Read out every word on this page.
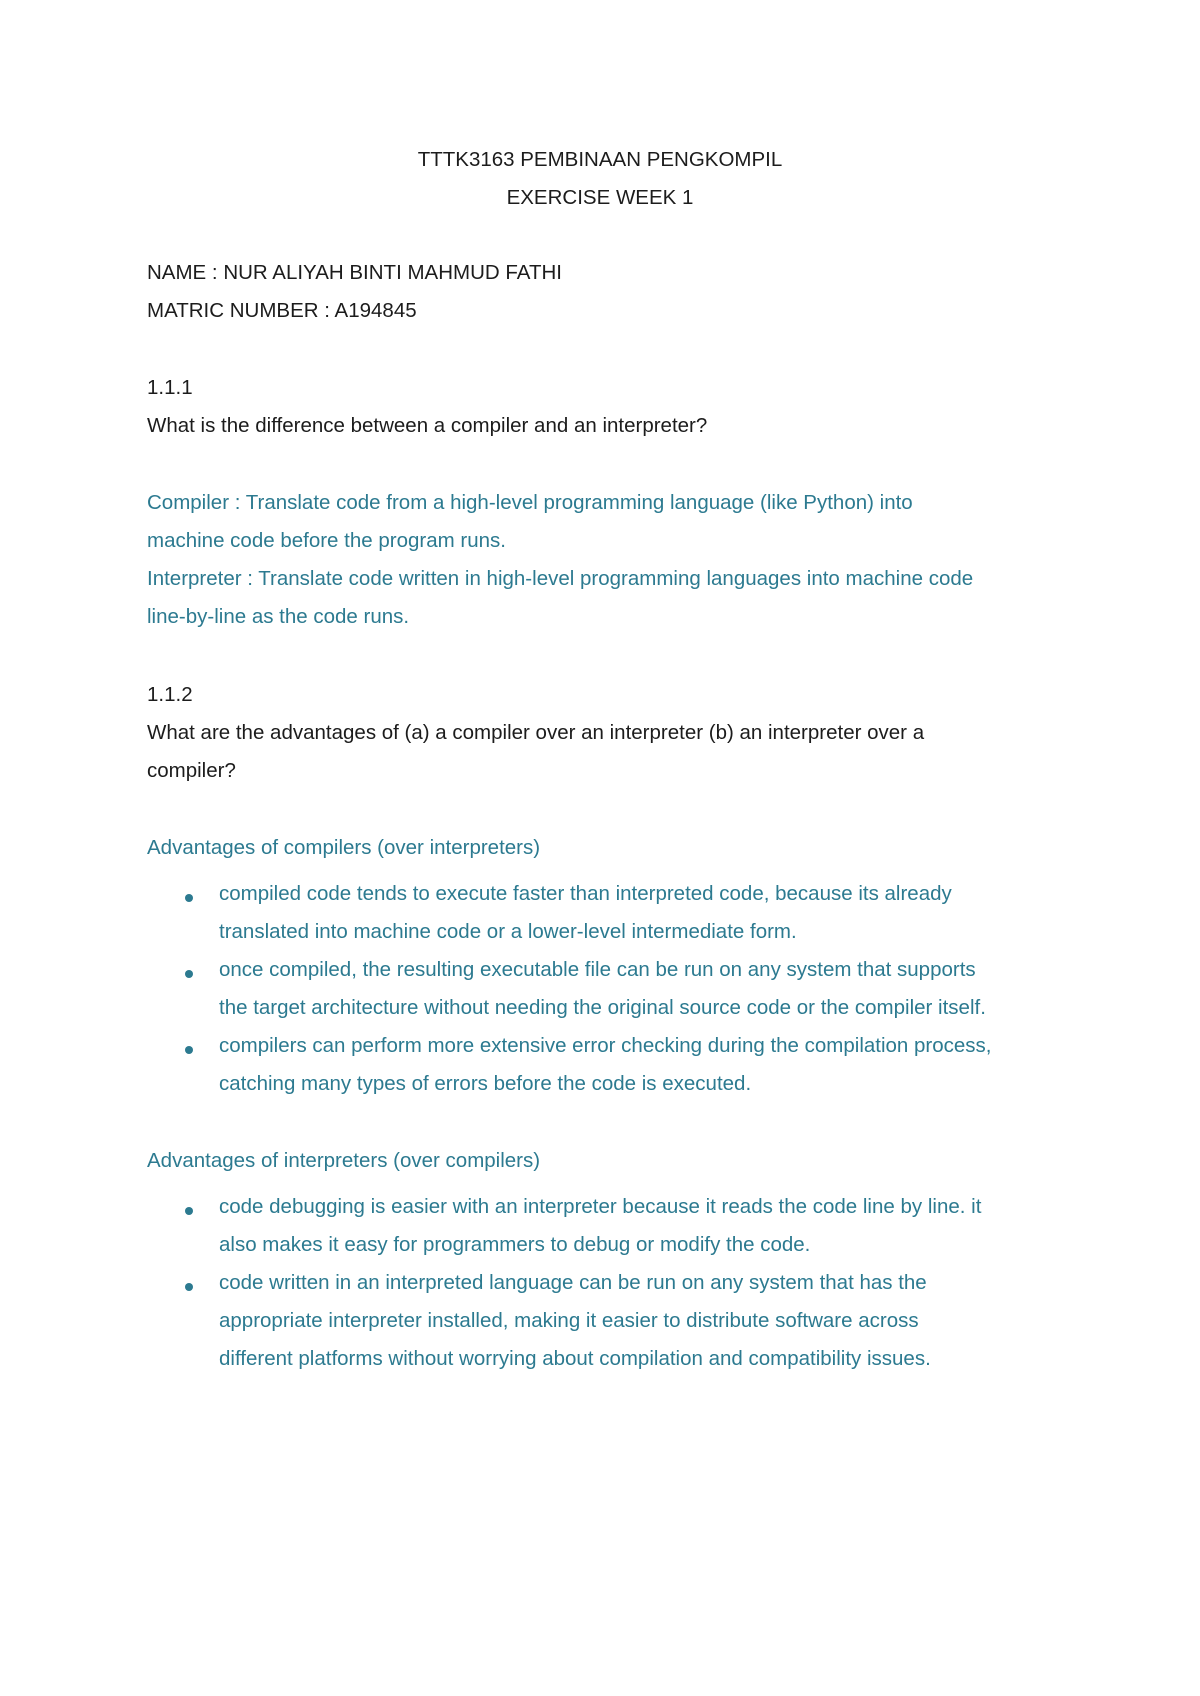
TTTK3163 PEMBINAAN PENGKOMPIL

EXERCISE WEEK 1

NAME : NUR ALIYAH BINTI MAHMUD FATHI

MATRIC NUMBER : A194845

1.1.1

What is the difference between a compiler and an interpreter?

Compiler : Translate code from a high-level programming language (like Python) into

machine code before the program runs.

Interpreter : Translate code written in high-level programming languages into machine code

line-by-line as the code runs.

1.1.2

What are the advantages of (a) a compiler over an interpreter (b) an interpreter over a

compiler?

Advantages of compilers (over interpreters)

compiled code tends to execute faster than interpreted code, because its already

translated into machine code or a lower-level intermediate form.

once compiled, the resulting executable file can be run on any system that supports

the target architecture without needing the original source code or the compiler itself.

compilers can perform more extensive error checking during the compilation process,

catching many types of errors before the code is executed.

Advantages of interpreters (over compilers)

code debugging is easier with an interpreter because it reads the code line by line. it

also makes it easy for programmers to debug or modify the code.

code written in an interpreted language can be run on any system that has the

appropriate interpreter installed, making it easier to distribute software across

different platforms without worrying about compilation and compatibility issues.
